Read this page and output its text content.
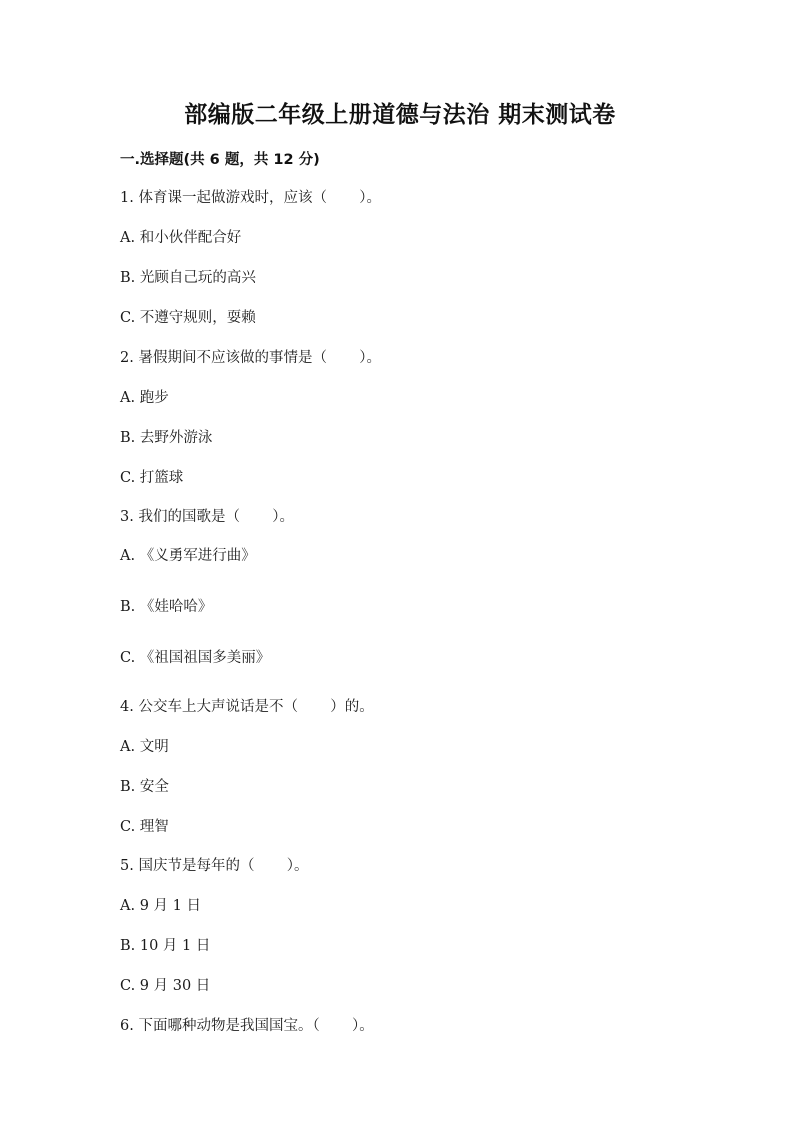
部编版二年级上册道德与法治 期末测试卷
一.选择题(共 6 题，共 12 分)
1. 体育课一起做游戏时，应该（       ）。
A. 和小伙伴配合好
B. 光顾自己玩的高兴
C. 不遵守规则，耍赖
2. 暑假期间不应该做的事情是（       ）。
A. 跑步
B. 去野外游泳
C. 打篮球
3. 我们的国歌是（       ）。
A. 《义勇军进行曲》
B. 《娃哈哈》
C. 《祖国祖国多美丽》
4. 公交车上大声说话是不（       ）的。
A. 文明
B. 安全
C. 理智
5. 国庆节是每年的（       ）。
A. 9 月 1 日
B. 10 月 1 日
C. 9 月 30 日
6. 下面哪种动物是我国国宝。（       ）。
